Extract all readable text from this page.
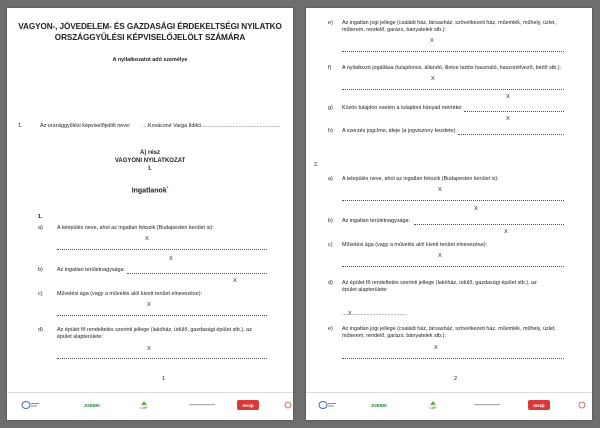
VAGYON-, JÖVEDELEM- ÉS GAZDASÁGI ÉRDEKELTSÉGI NYILATKO
ORSZÁGGYŰLÉSI KÉPVISELŐJELÖLT SZÁMÁRA
A nyilatkozatot adó személye
1.	Az országgyűlési képviselőjelölt neve: ....Kovácsné Varga Ildikó.....................................................
A) rész
VAGYONI NYILATKOZAT
I.
Ingatlanok*
1.
a)	A település neve, ahol az ingatlan fekszik (Budapesten kerület is):
X
X
b)	Az ingatlan területnagysága:
X
c)	Művelési ága (vagy a művelés alól kivett terület elnevezése):
X
d)	Az épület fő rendeltetés szerinti jellege (lakóház, üdülő, gazdasági épület stb.), az
épület alapterülete:
X
1
JOBBIK	LMP	mszp
e) Az ingatlan jogi jellege (családi ház, társasház, szövetkezeti ház, műemlék, műhely, üzlet,
műterem, rendelő, garázs, bányatelek stb.):
X
f) A nyilatkozó jogállása (tulajdonos, állandó, illetve tartós használó, haszonélvező, bérlő stb.):
X
X
g) Közös tulajdon esetén a tulajdoni hányad mértéke:
X
h) A szerzés jogcíme, ideje (a jogviszony kezdete):
2.
a) A település neve, ahol az ingatlan fekszik (Budapesten kerület is):
X
X
b) Az ingatlan területnagysága:
X
c) Művelési ága (vagy a művelés alól kivett terület elnevezése):
X
d) Az épület fő rendeltetés szerinti jellege (lakóház, üdülő, gazdasági épület stb.), az
épület alapterülete:
....X.....................................
e) Az ingatlan jogi jellege (családi ház, társasház, szövetkezeti ház, műemlék, műhely, üzlet,
műterem, rendelő, garázs, bányatelek stb.):
X
2
JOBBIK	LMP	mszp
